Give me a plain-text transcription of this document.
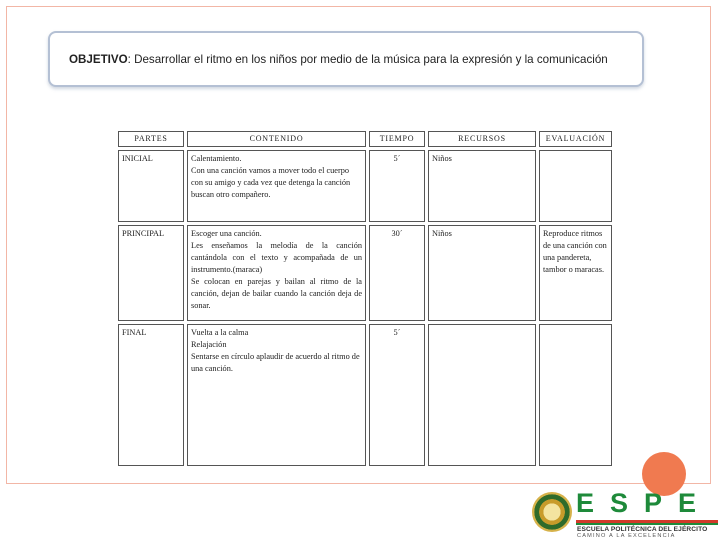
OBJETIVO: Desarrollar el ritmo en los niños por medio de la música para la expresión y la comunicación
PARTES	CONTENIDO	TIEMPO	RECURSOS	EVALUACIÓN
INICIAL	Calentamiento.
Con una canción vamos a mover todo el cuerpo con su amigo y cada vez que detenga la canción buscan otro compañero.	5´	Niños	
PRINCIPAL	Escoger una canción.
Les enseñamos la melodía de la canción cantándola con el texto y acompañada de un instrumento.(maraca)
Se colocan en parejas y bailan al ritmo de la canción, dejan de bailar cuando la canción deja de sonar.	30´	Niños	Reproduce ritmos de una canción con una pandereta, tambor o maracas.
FINAL	Vuelta a la calma
Relajación
Sentarse en círculo aplaudir de acuerdo al ritmo de una canción.	5´		
ESPE
ESCUELA POLITÉCNICA DEL EJÉRCITO
CAMINO A LA EXCELENCIA
